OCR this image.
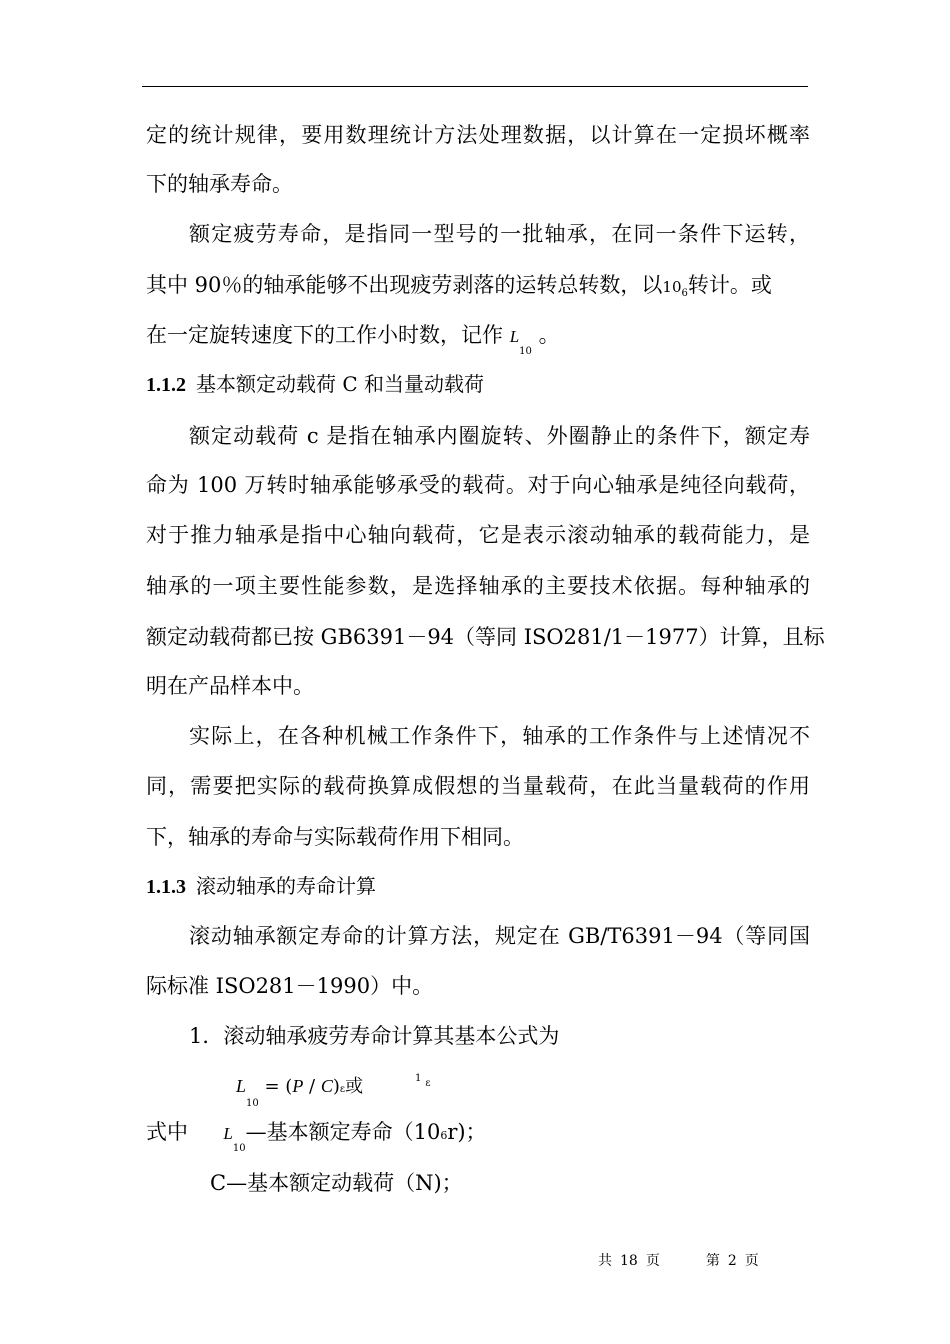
定的统计规律，要用数理统计方法处理数据，以计算在一定损坏概率
下的轴承寿命。
额定疲劳寿命，是指同一型号的一批轴承，在同一条件下运转，
其中 90％的轴承能够不出现疲劳剥落的运转总转数，以$10_6$转计。或
在一定旋转速度下的工作小时数，记作 $L_{10}$ 。
1.1.2 基本额定动载荷 C 和当量动载荷
额定动载荷 c 是指在轴承内圈旋转、外圈静止的条件下，额定寿
命为 100 万转时轴承能够承受的载荷。对于向心轴承是纯径向载荷，
对于推力轴承是指中心轴向载荷，它是表示滚动轴承的载荷能力，是
轴承的一项主要性能参数，是选择轴承的主要技术依据。每种轴承的
额定动载荷都已按 GB6391－94（等同 ISO281/1－1977）计算，且标
明在产品样本中。
实际上，在各种机械工作条件下，轴承的工作条件与上述情况不
同，需要把实际的载荷换算成假想的当量载荷，在此当量载荷的作用
下，轴承的寿命与实际载荷作用下相同。
1.1.3 滚动轴承的寿命计算
滚动轴承额定寿命的计算方法，规定在 GB/T6391－94（等同国
际标准 ISO281－1990）中。
1．滚动轴承疲劳寿命计算其基本公式为
$L_{10} = (P / C)\varepsilon$或	1 ε
式中 $L_{10}—$基本额定寿命（106r)；
C—基本额定动载荷（N)；
共 18 页	第 2 页
